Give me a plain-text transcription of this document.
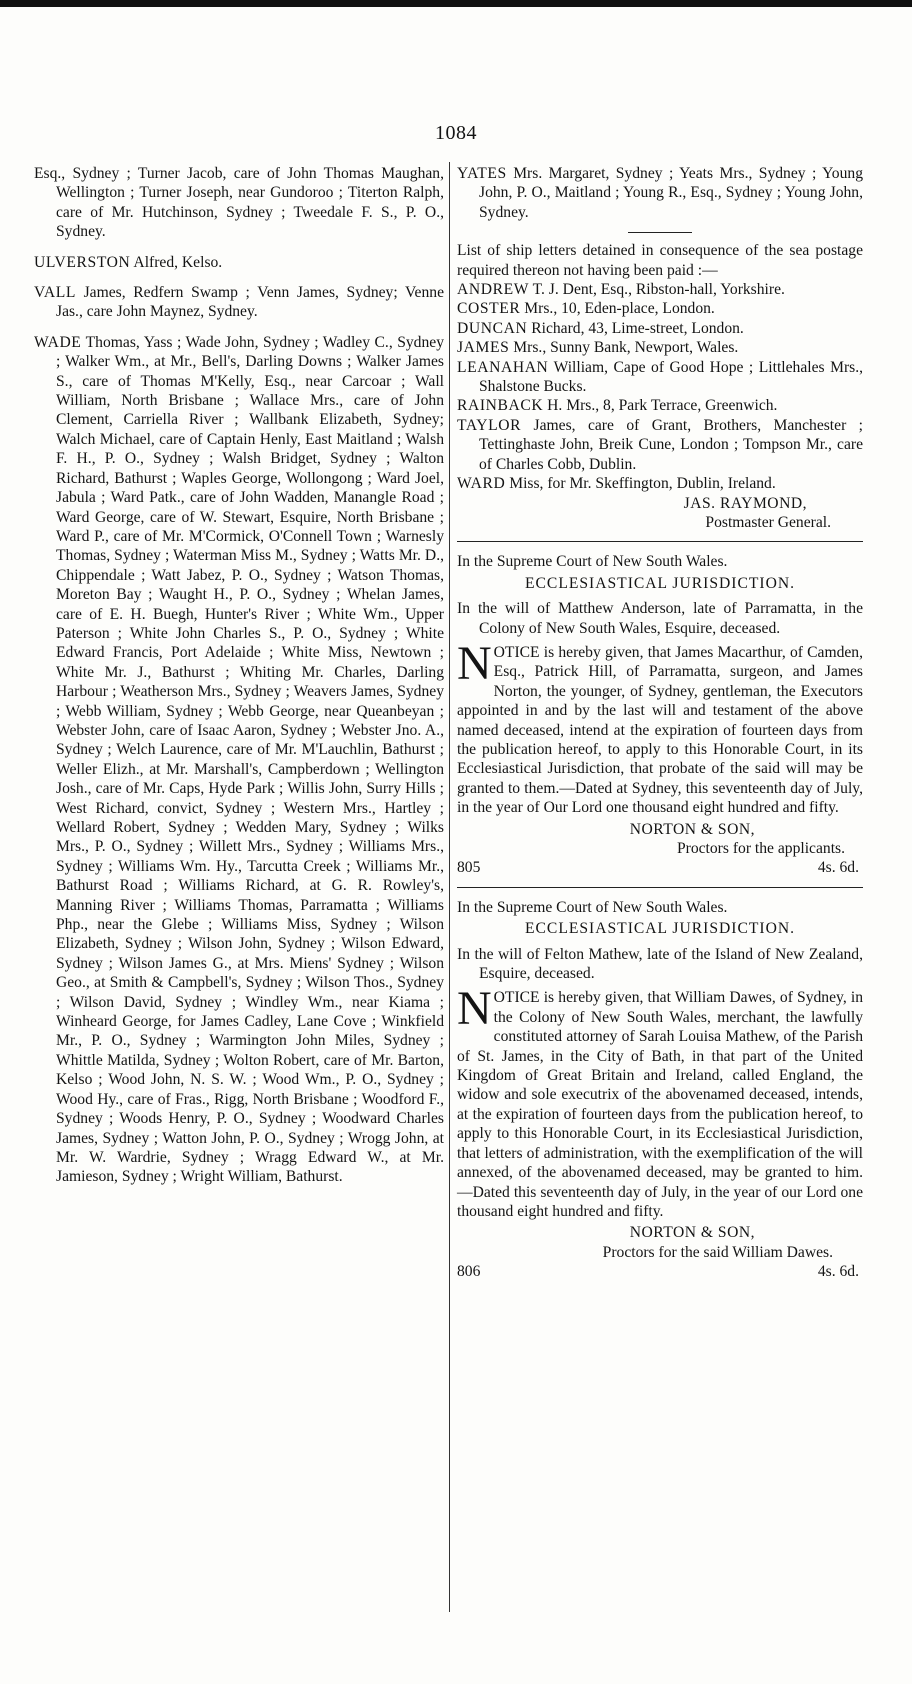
1084

Esq., Sydney ; Turner Jacob, care of John Thomas Maughan, Wellington ; Turner Joseph, near Gundoroo ; Titerton Ralph, care of Mr. Hutchinson, Sydney ; Tweedale F. S., P. O., Sydney.

ULVERSTON Alfred, Kelso.

VALL James, Redfern Swamp ; Venn James, Sydney; Venne Jas., care John Maynez, Sydney.

WADE Thomas, Yass ; Wade John, Sydney ; Wadley C., Sydney ; Walker Wm., at Mr., Bell's, Darling Downs ; Walker James S., care of Thomas M'Kelly, Esq., near Carcoar ; Wall William, North Brisbane ; Wallace Mrs., care of John Clement, Carriella River ; Wallbank Elizabeth, Sydney; Walch Michael, care of Captain Henly, East Maitland ; Walsh F. H., P. O., Sydney ; Walsh Bridget, Sydney ; Walton Richard, Bathurst ; Waples George, Wollongong ; Ward Joel, Jabula ; Ward Patk., care of John Wadden, Manangle Road ; Ward George, care of W. Stewart, Esquire, North Brisbane ; Ward P., care of Mr. M'Cormick, O'Connell Town ; Warnesly Thomas, Sydney ; Waterman Miss M., Sydney ; Watts Mr. D., Chippendale ; Watt Jabez, P. O., Sydney ; Watson Thomas, Moreton Bay ; Waught H., P. O., Sydney ; Whelan James, care of E. H. Buegh, Hunter's River ; White Wm., Upper Paterson ; White John Charles S., P. O., Sydney ; White Edward Francis, Port Adelaide ; White Miss, Newtown ; White Mr. J., Bathurst ; Whiting Mr. Charles, Darling Harbour ; Weatherson Mrs., Sydney ; Weavers James, Sydney ; Webb William, Sydney ; Webb George, near Queanbeyan ; Webster John, care of Isaac Aaron, Sydney ; Webster Jno. A., Sydney ; Welch Laurence, care of Mr. M'Lauchlin, Bathurst ; Weller Elizh., at Mr. Marshall's, Campberdown ; Wellington Josh., care of Mr. Caps, Hyde Park ; Willis John, Surry Hills ; West Richard, convict, Sydney ; Western Mrs., Hartley ; Wellard Robert, Sydney ; Wedden Mary, Sydney ; Wilks Mrs., P. O., Sydney ; Willett Mrs., Sydney ; Williams Mrs., Sydney ; Williams Wm. Hy., Tarcutta Creek ; Williams Mr., Bathurst Road ; Williams Richard, at G. R. Rowley's, Manning River ; Williams Thomas, Parramatta ; Williams Php., near the Glebe ; Williams Miss, Sydney ; Wilson Elizabeth, Sydney ; Wilson John, Sydney ; Wilson Edward, Sydney ; Wilson James G., at Mrs. Miens' Sydney ; Wilson Geo., at Smith & Campbell's, Sydney ; Wilson Thos., Sydney ; Wilson David, Sydney ; Windley Wm., near Kiama ; Winheard George, for James Cadley, Lane Cove ; Winkfield Mr., P. O., Sydney ; Warmington John Miles, Sydney ; Whittle Matilda, Sydney ; Wolton Robert, care of Mr. Barton, Kelso ; Wood John, N. S. W. ; Wood Wm., P. O., Sydney ; Wood Hy., care of Fras., Rigg, North Brisbane ; Woodford F., Sydney ; Woods Henry, P. O., Sydney ; Woodward Charles James, Sydney ; Watton John, P. O., Sydney ; Wrogg John, at Mr. W. Wardrie, Sydney ; Wragg Edward W., at Mr. Jamieson, Sydney ; Wright William, Bathurst.

YATES Mrs. Margaret, Sydney ; Yeats Mrs., Sydney ; Young John, P. O., Maitland ; Young R., Esq., Sydney ; Young John, Sydney.

List of ship letters detained in consequence of the sea postage required thereon not having been paid :—

ANDREW T. J. Dent, Esq., Ribston-hall, Yorkshire.

COSTER Mrs., 10, Eden-place, London.

DUNCAN Richard, 43, Lime-street, London.

JAMES Mrs., Sunny Bank, Newport, Wales.

LEANAHAN William, Cape of Good Hope ; Littlehales Mrs., Shalstone Bucks.

RAINBACK H. Mrs., 8, Park Terrace, Greenwich.

TAYLOR James, care of Grant, Brothers, Manchester ; Tettinghaste John, Breik Cune, London ; Tompson Mr., care of Charles Cobb, Dublin.

WARD Miss, for Mr. Skeffington, Dublin, Ireland.

JAS. RAYMOND,

Postmaster General.

In the Supreme Court of New South Wales.

ECCLESIASTICAL JURISDICTION.

In the will of Matthew Anderson, late of Parramatta, in the Colony of New South Wales, Esquire, deceased.

NOTICE is hereby given, that James Macarthur, of Camden, Esq., Patrick Hill, of Parramatta, surgeon, and James Norton, the younger, of Sydney, gentleman, the Executors appointed in and by the last will and testament of the above named deceased, intend at the expiration of fourteen days from the publication hereof, to apply to this Honorable Court, in its Ecclesiastical Jurisdiction, that probate of the said will may be granted to them.—Dated at Sydney, this seventeenth day of July, in the year of Our Lord one thousand eight hundred and fifty.

NORTON & SON,

Proctors for the applicants.

805	4s. 6d.

In the Supreme Court of New South Wales.

ECCLESIASTICAL JURISDICTION.

In the will of Felton Mathew, late of the Island of New Zealand, Esquire, deceased.

NOTICE is hereby given, that William Dawes, of Sydney, in the Colony of New South Wales, merchant, the lawfully constituted attorney of Sarah Louisa Mathew, of the Parish of St. James, in the City of Bath, in that part of the United Kingdom of Great Britain and Ireland, called England, the widow and sole executrix of the abovenamed deceased, intends, at the expiration of fourteen days from the publication hereof, to apply to this Honorable Court, in its Ecclesiastical Jurisdiction, that letters of administration, with the exemplification of the will annexed, of the abovenamed deceased, may be granted to him.—Dated this seventeenth day of July, in the year of our Lord one thousand eight hundred and fifty.

NORTON & SON,

Proctors for the said William Dawes.

806	4s. 6d.
